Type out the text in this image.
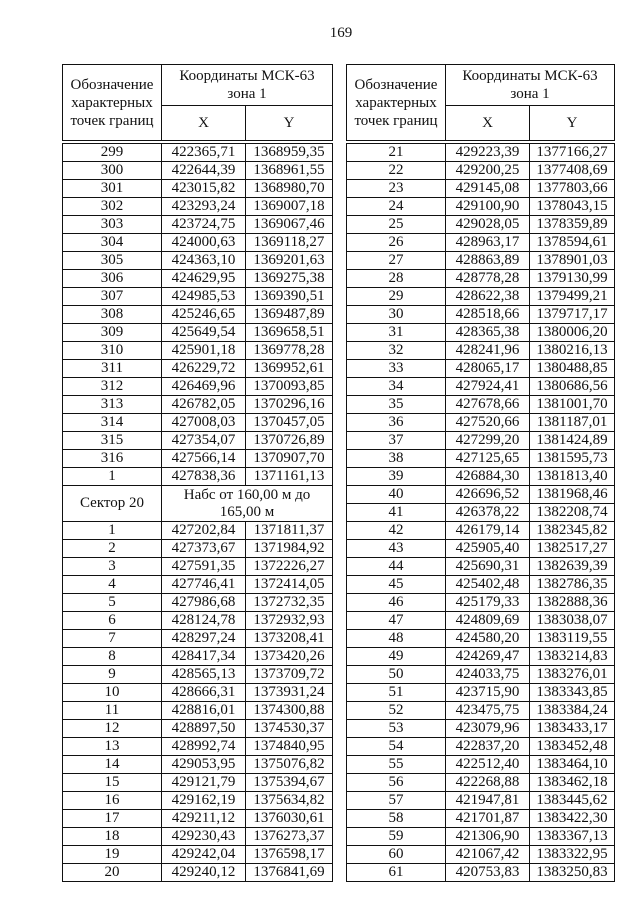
169
Обозначение характерных точек границ
Координаты МСК-63 зона 1
X	Y
299	422365,71	1368959,35
300	422644,39	1368961,55
301	423015,82	1368980,70
302	423293,24	1369007,18
303	423724,75	1369067,46
304	424000,63	1369118,27
305	424363,10	1369201,63
306	424629,95	1369275,38
307	424985,53	1369390,51
308	425246,65	1369487,89
309	425649,54	1369658,51
310	425901,18	1369778,28
311	426229,72	1369952,61
312	426469,96	1370093,85
313	426782,05	1370296,16
314	427008,03	1370457,05
315	427354,07	1370726,89
316	427566,14	1370907,70
1	427838,36	1371161,13
Сектор 20
Набс от 160,00 м до 165,00 м
1	427202,84	1371811,37
2	427373,67	1371984,92
3	427591,35	1372226,27
4	427746,41	1372414,05
5	427986,68	1372732,35
6	428124,78	1372932,93
7	428297,24	1373208,41
8	428417,34	1373420,26
9	428565,13	1373709,72
10	428666,31	1373931,24
11	428816,01	1374300,88
12	428897,50	1374530,37
13	428992,74	1374840,95
14	429053,95	1375076,82
15	429121,79	1375394,67
16	429162,19	1375634,82
17	429211,12	1376030,61
18	429230,43	1376273,37
19	429242,04	1376598,17
20	429240,12	1376841,69
Обозначение характерных точек границ
Координаты МСК-63 зона 1
X	Y
21	429223,39	1377166,27
22	429200,25	1377408,69
23	429145,08	1377803,66
24	429100,90	1378043,15
25	429028,05	1378359,89
26	428963,17	1378594,61
27	428863,89	1378901,03
28	428778,28	1379130,99
29	428622,38	1379499,21
30	428518,66	1379717,17
31	428365,38	1380006,20
32	428241,96	1380216,13
33	428065,17	1380488,85
34	427924,41	1380686,56
35	427678,66	1381001,70
36	427520,66	1381187,01
37	427299,20	1381424,89
38	427125,65	1381595,73
39	426884,30	1381813,40
40	426696,52	1381968,46
41	426378,22	1382208,74
42	426179,14	1382345,82
43	425905,40	1382517,27
44	425690,31	1382639,39
45	425402,48	1382786,35
46	425179,33	1382888,36
47	424809,69	1383038,07
48	424580,20	1383119,55
49	424269,47	1383214,83
50	424033,75	1383276,01
51	423715,90	1383343,85
52	423475,75	1383384,24
53	423079,96	1383433,17
54	422837,20	1383452,48
55	422512,40	1383464,10
56	422268,88	1383462,18
57	421947,81	1383445,62
58	421701,87	1383422,30
59	421306,90	1383367,13
60	421067,42	1383322,95
61	420753,83	1383250,83
